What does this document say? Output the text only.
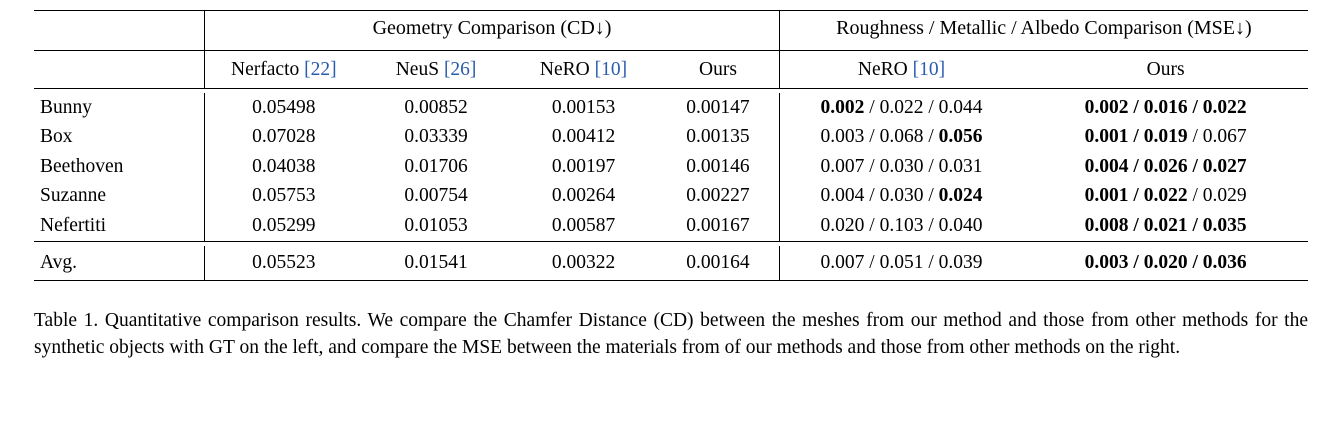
	Geometry Comparison (CD↓)				Roughness / Metallic / Albedo Comparison (MSE↓)	

	Nerfacto [22]	NeuS [26]	NeRO [10]	Ours	NeRO [10]	Ours

Bunny	0.05498	0.00852	0.00153	0.00147	0.002 / 0.022 / 0.044	0.002 / 0.016 / 0.022
Box	0.07028	0.03339	0.00412	0.00135	0.003 / 0.068 / 0.056	0.001 / 0.019 / 0.067
Beethoven	0.04038	0.01706	0.00197	0.00146	0.007 / 0.030 / 0.031	0.004 / 0.026 / 0.027
Suzanne	0.05753	0.00754	0.00264	0.00227	0.004 / 0.030 / 0.024	0.001 / 0.022 / 0.029
Nefertiti	0.05299	0.01053	0.00587	0.00167	0.020 / 0.103 / 0.040	0.008 / 0.021 / 0.035

Avg.	0.05523	0.01541	0.00322	0.00164	0.007 / 0.051 / 0.039	0.003 / 0.020 / 0.036
Table 1. Quantitative comparison results. We compare the Chamfer Distance (CD) between the meshes from our method and those from other methods for the synthetic objects with GT on the left, and compare the MSE between the materials from of our methods and those from other methods on the right.
